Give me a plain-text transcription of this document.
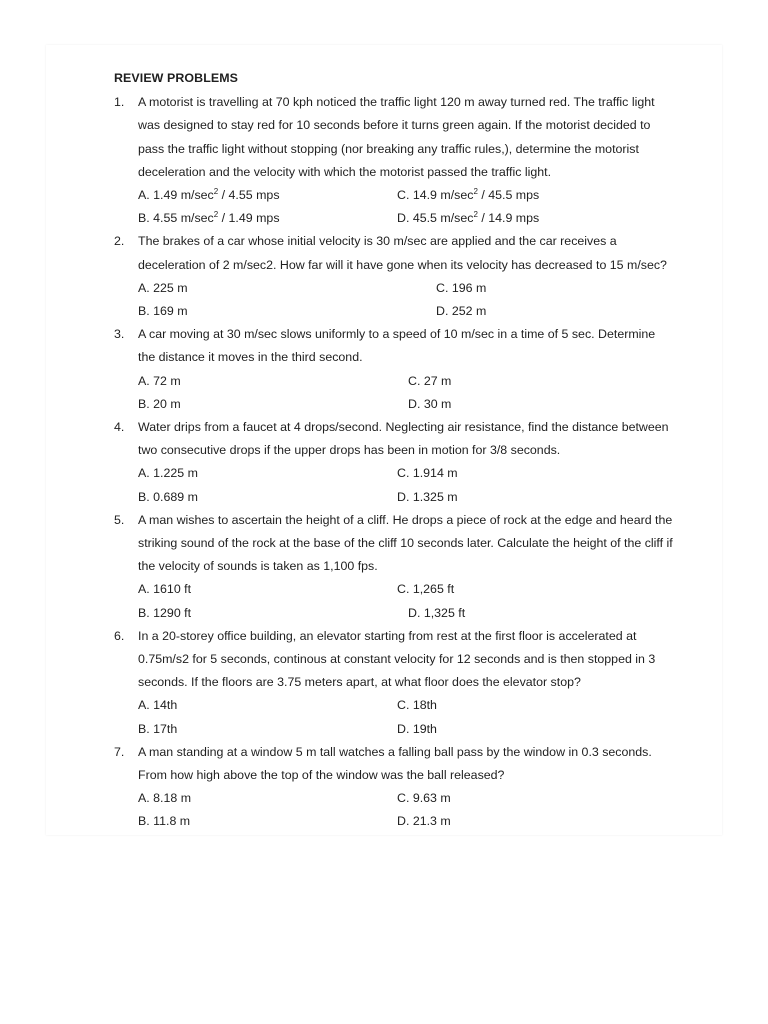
REVIEW PROBLEMS
1. A motorist is travelling at 70 kph noticed the traffic light 120 m away turned red. The traffic light was designed to stay red for 10 seconds before it turns green again. If the motorist decided to pass the traffic light without stopping (nor breaking any traffic rules,), determine the motorist deceleration and the velocity with which the motorist passed the traffic light.
A. 1.49 $m/\sec^2 / 4.55$ mps	C. 14.9 $m/\sec^2 / 45.5$ mps
B. 4.55 $m/\sec^2 / 1.49$ mps	D. 45.5 $m/\sec^2 / 14.9$ mps
2. The brakes of a car whose initial velocity is 30 m/sec are applied and the car receives a deceleration of 2 m/sec2. How far will it have gone when its velocity has decreased to 15 m/sec?
A. 225 m	C. 196 m
B. 169 m	D. 252 m
3. A car moving at 30 m/sec slows uniformly to a speed of 10 m/sec in a time of 5 sec. Determine the distance it moves in the third second.
A. 72 m	C. 27 m
B. 20 m	D. 30 m
4. Water drips from a faucet at 4 drops/second. Neglecting air resistance, find the distance between two consecutive drops if the upper drops has been in motion for 3/8 seconds.
A. 1.225 m	C. 1.914 m
B. 0.689 m	D. 1.325 m
5. A man wishes to ascertain the height of a cliff. He drops a piece of rock at the edge and heard the striking sound of the rock at the base of the cliff 10 seconds later. Calculate the height of the cliff if the velocity of sounds is taken as 1,100 fps.
A. 1610 ft	C. 1,265 ft
B. 1290 ft	D. 1,325 ft
6. In a 20-storey office building, an elevator starting from rest at the first floor is accelerated at 0.75m/s2 for 5 seconds, continous at constant velocity for 12 seconds and is then stopped in 3 seconds. If the floors are 3.75 meters apart, at what floor does the elevator stop?
A. 14th	C. 18th
B. 17th	D. 19th
7. A man standing at a window 5 m tall watches a falling ball pass by the window in 0.3 seconds. From how high above the top of the window was the ball released?
A. 8.18 m	C. 9.63 m
B. 11.8 m	D. 21.3 m
